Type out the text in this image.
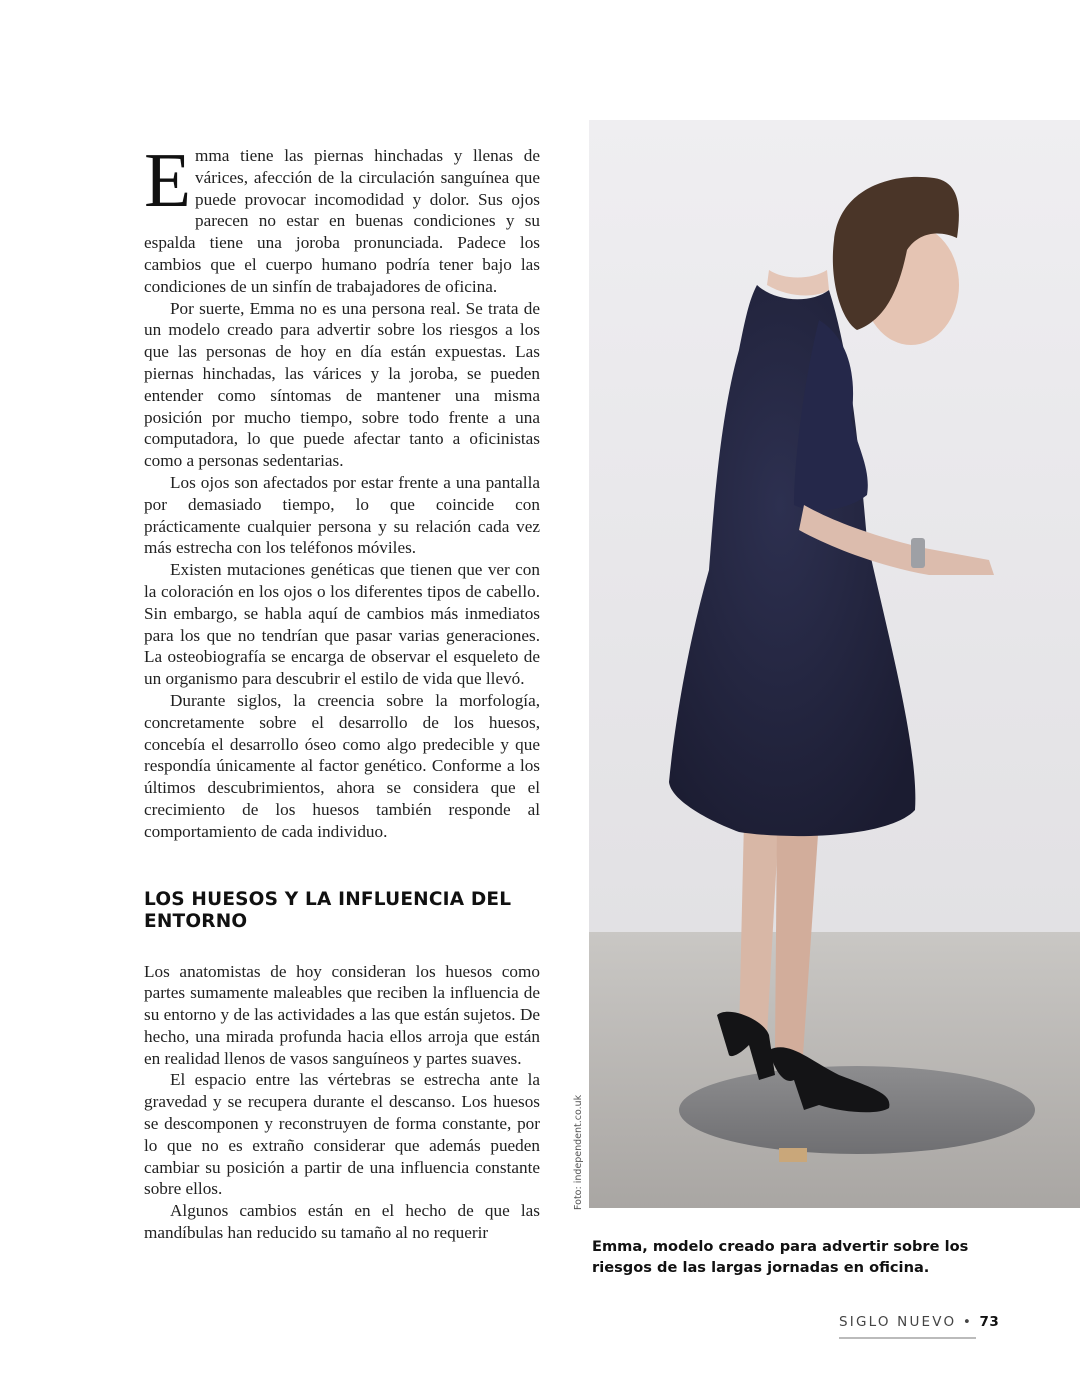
Emma tiene las piernas hinchadas y llenas de várices, afección de la circulación sanguínea que puede provocar incomodidad y dolor. Sus ojos parecen no estar en buenas condiciones y su espalda tiene una joroba pronunciada. Padece los cambios que el cuerpo humano podría tener bajo las condiciones de un sinfín de trabajadores de oficina.

Por suerte, Emma no es una persona real. Se trata de un modelo creado para advertir sobre los riesgos a los que las personas de hoy en día están expuestas. Las piernas hinchadas, las várices y la joroba, se pueden entender como síntomas de mantener una misma posición por mucho tiempo, sobre todo frente a una computadora, lo que puede afectar tanto a oficinistas como a personas sedentarias.

Los ojos son afectados por estar frente a una pantalla por demasiado tiempo, lo que coincide con prácticamente cualquier persona y su relación cada vez más estrecha con los teléfonos móviles.

Existen mutaciones genéticas que tienen que ver con la coloración en los ojos o los diferentes tipos de cabello. Sin embargo, se habla aquí de cambios más inmediatos para los que no tendrían que pasar varias generaciones. La osteobiografía se encarga de observar el esqueleto de un organismo para descubrir el estilo de vida que llevó.

Durante siglos, la creencia sobre la morfología, concretamente sobre el desarrollo de los huesos, concebía el desarrollo óseo como algo predecible y que respondía únicamente al factor genético. Conforme a los últimos descubrimientos, ahora se considera que el crecimiento de los huesos también responde al comportamiento de cada individuo.

LOS HUESOS Y LA INFLUENCIA DEL ENTORNO

Los anatomistas de hoy consideran los huesos como partes sumamente maleables que reciben la influencia de su entorno y de las actividades a las que están sujetos. De hecho, una mirada profunda hacia ellos arroja que están en realidad llenos de vasos sanguíneos y partes suaves.

El espacio entre las vértebras se estrecha ante la gravedad y se recupera durante el descanso. Los huesos se descomponen y reconstruyen de forma constante, por lo que no es extraño considerar que además pueden cambiar su posición a partir de una influencia constante sobre ellos.

Algunos cambios están en el hecho de que las mandíbulas han reducido su tamaño al no requerir

Foto: independent.co.uk
Emma, modelo creado para advertir sobre los riesgos de las largas jornadas en oficina.
SIGLO NUEVO • 73
